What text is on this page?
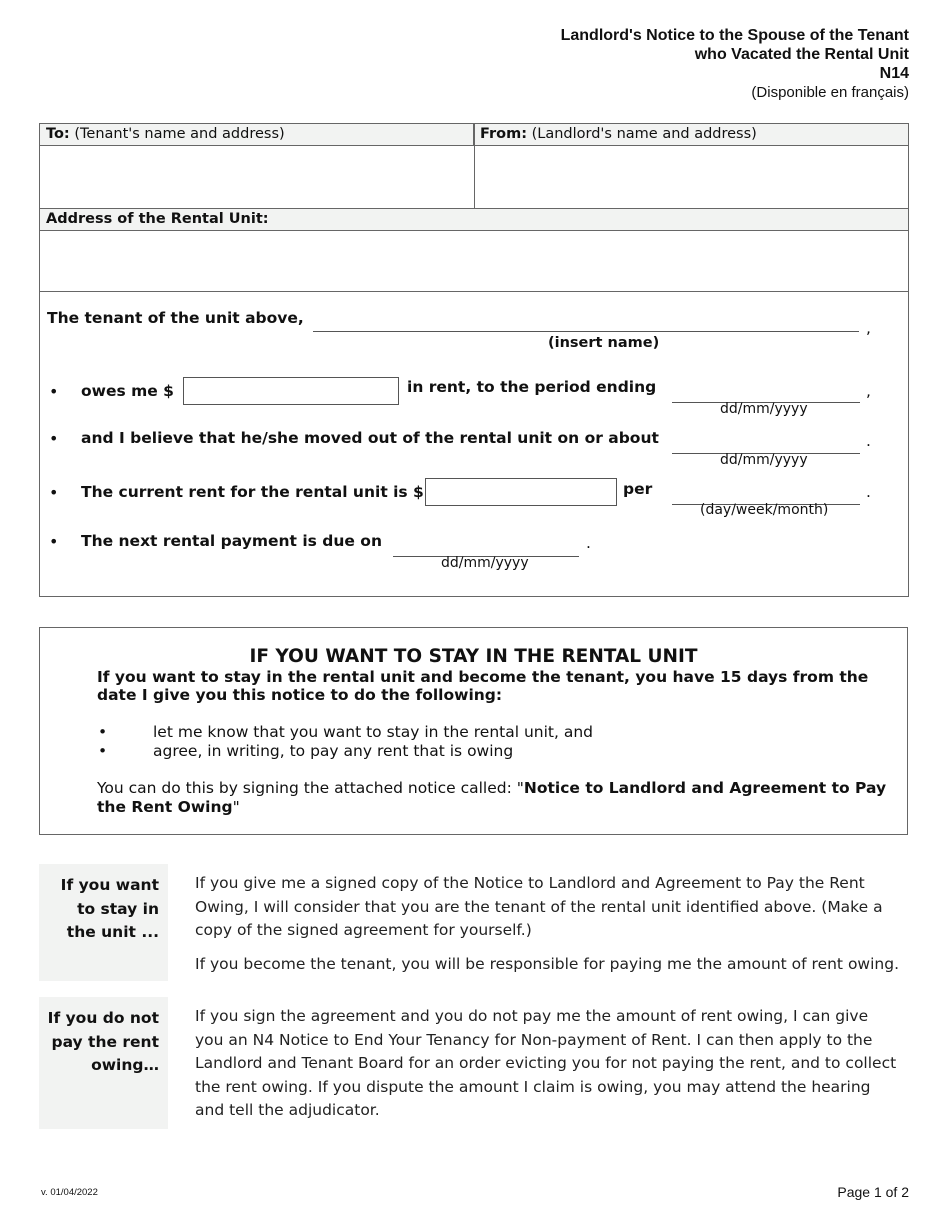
Landlord's Notice to the Spouse of the Tenant
who Vacated the Rental Unit
N14
(Disponible en français)
To: (Tenant's name and address)	From: (Landlord's name and address)
Address of the Rental Unit:
The tenant of the unit above,
,
(insert name)
• owes me $	in rent, to the period ending	,
dd/mm/yyyy
• and I believe that he/she moved out of the rental unit on or about	.
dd/mm/yyyy
• The current rent for the rental unit is $	per	.
(day/week/month)
• The next rental payment is due on	.
dd/mm/yyyy
IF YOU WANT TO STAY IN THE RENTAL UNIT
If you want to stay in the rental unit and become the tenant, you have 15 days from the
date I give you this notice to do the following:
•	let me know that you want to stay in the rental unit, and
•	agree, in writing, to pay any rent that is owing
You can do this by signing the attached notice called: "Notice to Landlord and Agreement to Pay
the Rent Owing"
If you want
to stay in
the unit ...
If you give me a signed copy of the Notice to Landlord and Agreement to Pay the Rent
Owing, I will consider that you are the tenant of the rental unit identified above. (Make a
copy of the signed agreement for yourself.)
If you become the tenant, you will be responsible for paying me the amount of rent owing.
If you do not
pay the rent
owing…
If you sign the agreement and you do not pay me the amount of rent owing, I can give
you an N4 Notice to End Your Tenancy for Non-payment of Rent. I can then apply to the
Landlord and Tenant Board for an order evicting you for not paying the rent, and to collect
the rent owing. If you dispute the amount I claim is owing, you may attend the hearing
and tell the adjudicator.
v. 01/04/2022	Page 1 of 2
